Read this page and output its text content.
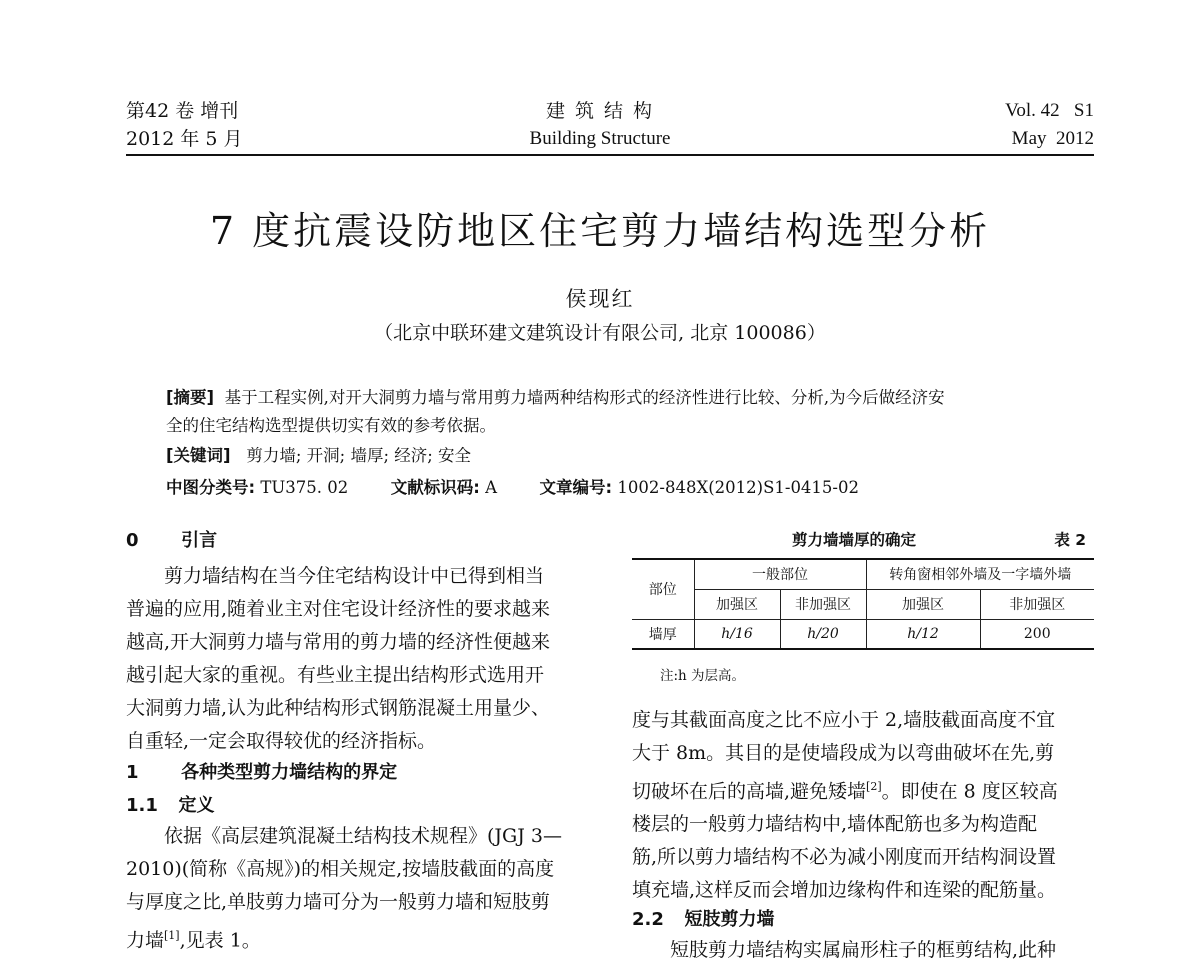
第42 卷 增刊
2012 年 5 月
建 筑 结 构
Building Structure
Vol. 42   S1
May  2012
7 度抗震设防地区住宅剪力墙结构选型分析
侯现红
（北京中联环建文建筑设计有限公司, 北京 100086）
[摘要] 基于工程实例,对开大洞剪力墙与常用剪力墙两种结构形式的经济性进行比较、分析,为今后做经济安
全的住宅结构选型提供切实有效的参考依据。
[关键词] 剪力墙; 开洞; 墙厚; 经济; 安全
中图分类号: TU375. 02	文献标识码: A	文章编号: 1002-848X(2012)S1-0415-02
0 引言
剪力墙结构在当今住宅结构设计中已得到相当
普遍的应用,随着业主对住宅设计经济性的要求越来
越高,开大洞剪力墙与常用的剪力墙的经济性便越来
越引起大家的重视。有些业主提出结构形式选用开
大洞剪力墙,认为此种结构形式钢筋混凝土用量少、
自重轻,一定会取得较优的经济指标。
1 各种类型剪力墙结构的界定
1.1 定义
依据《高层建筑混凝土结构技术规程》(JGJ 3—
2010)(简称《高规》)的相关规定,按墙肢截面的高度
与厚度之比,单肢剪力墙可分为一般剪力墙和短肢剪
力墙[1],见表 1。
剪力墙墙厚的确定	表 2
部位	一般部位		转角窗相邻外墙及一字墙外墙	
	加强区	非加强区	加强区	非加强区
墙厚	h/16	h/20	h/12	200
注:h 为层高。
度与其截面高度之比不应小于 2,墙肢截面高度不宜
大于 8m。其目的是使墙段成为以弯曲破坏在先,剪
切破坏在后的高墙,避免矮墙[2]。即使在 8 度区较高
楼层的一般剪力墙结构中,墙体配筋也多为构造配
筋,所以剪力墙结构不必为减小刚度而开结构洞设置
填充墙,这样反而会增加边缘构件和连梁的配筋量。
2.2 短肢剪力墙
短肢剪力墙结构实属扁形柱子的框剪结构,此种
